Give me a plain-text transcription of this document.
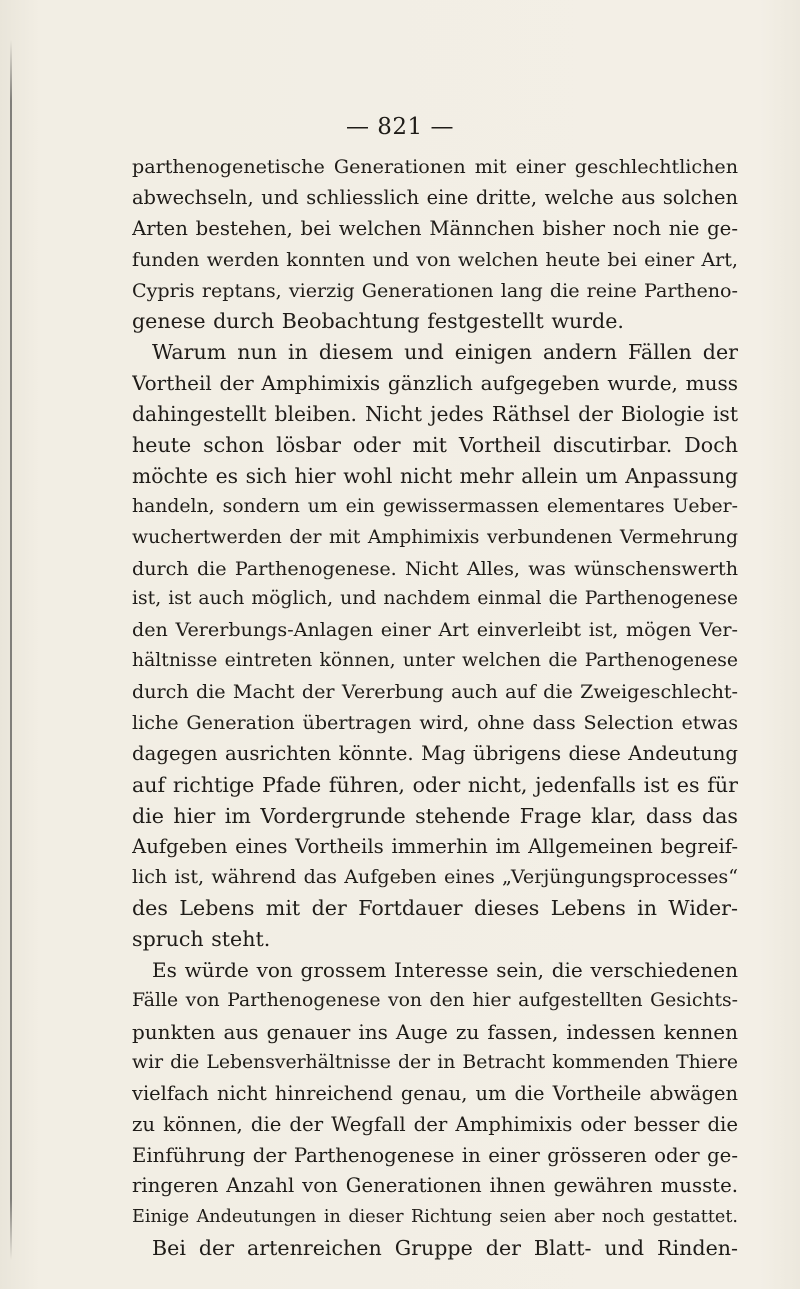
— 821 —
parthenogenetische Generationen mit einer geschlechtlichen
abwechseln, und schliesslich eine dritte, welche aus solchen
Arten bestehen, bei welchen Männchen bisher noch nie ge-
funden werden konnten und von welchen heute bei einer Art,
Cypris reptans, vierzig Generationen lang die reine Partheno-
genese durch Beobachtung festgestellt wurde.
Warum nun in diesem und einigen andern Fällen der
Vortheil der Amphimixis gänzlich aufgegeben wurde, muss
dahingestellt bleiben. Nicht jedes Räthsel der Biologie ist
heute schon lösbar oder mit Vortheil discutirbar. Doch
möchte es sich hier wohl nicht mehr allein um Anpassung
handeln, sondern um ein gewissermassen elementares Ueber-
wuchertwerden der mit Amphimixis verbundenen Vermehrung
durch die Parthenogenese. Nicht Alles, was wünschenswerth
ist, ist auch möglich, und nachdem einmal die Parthenogenese
den Vererbungs-Anlagen einer Art einverleibt ist, mögen Ver-
hältnisse eintreten können, unter welchen die Parthenogenese
durch die Macht der Vererbung auch auf die Zweigeschlecht-
liche Generation übertragen wird, ohne dass Selection etwas
dagegen ausrichten könnte. Mag übrigens diese Andeutung
auf richtige Pfade führen, oder nicht, jedenfalls ist es für
die hier im Vordergrunde stehende Frage klar, dass das
Aufgeben eines Vortheils immerhin im Allgemeinen begreif-
lich ist, während das Aufgeben eines „Verjüngungsprocesses“
des Lebens mit der Fortdauer dieses Lebens in Wider-
spruch steht.
Es würde von grossem Interesse sein, die verschiedenen
Fälle von Parthenogenese von den hier aufgestellten Gesichts-
punkten aus genauer ins Auge zu fassen, indessen kennen
wir die Lebensverhältnisse der in Betracht kommenden Thiere
vielfach nicht hinreichend genau, um die Vortheile abwägen
zu können, die der Wegfall der Amphimixis oder besser die
Einführung der Parthenogenese in einer grösseren oder ge-
ringeren Anzahl von Generationen ihnen gewähren musste.
Einige Andeutungen in dieser Richtung seien aber noch gestattet.
Bei der artenreichen Gruppe der Blatt- und Rinden-
